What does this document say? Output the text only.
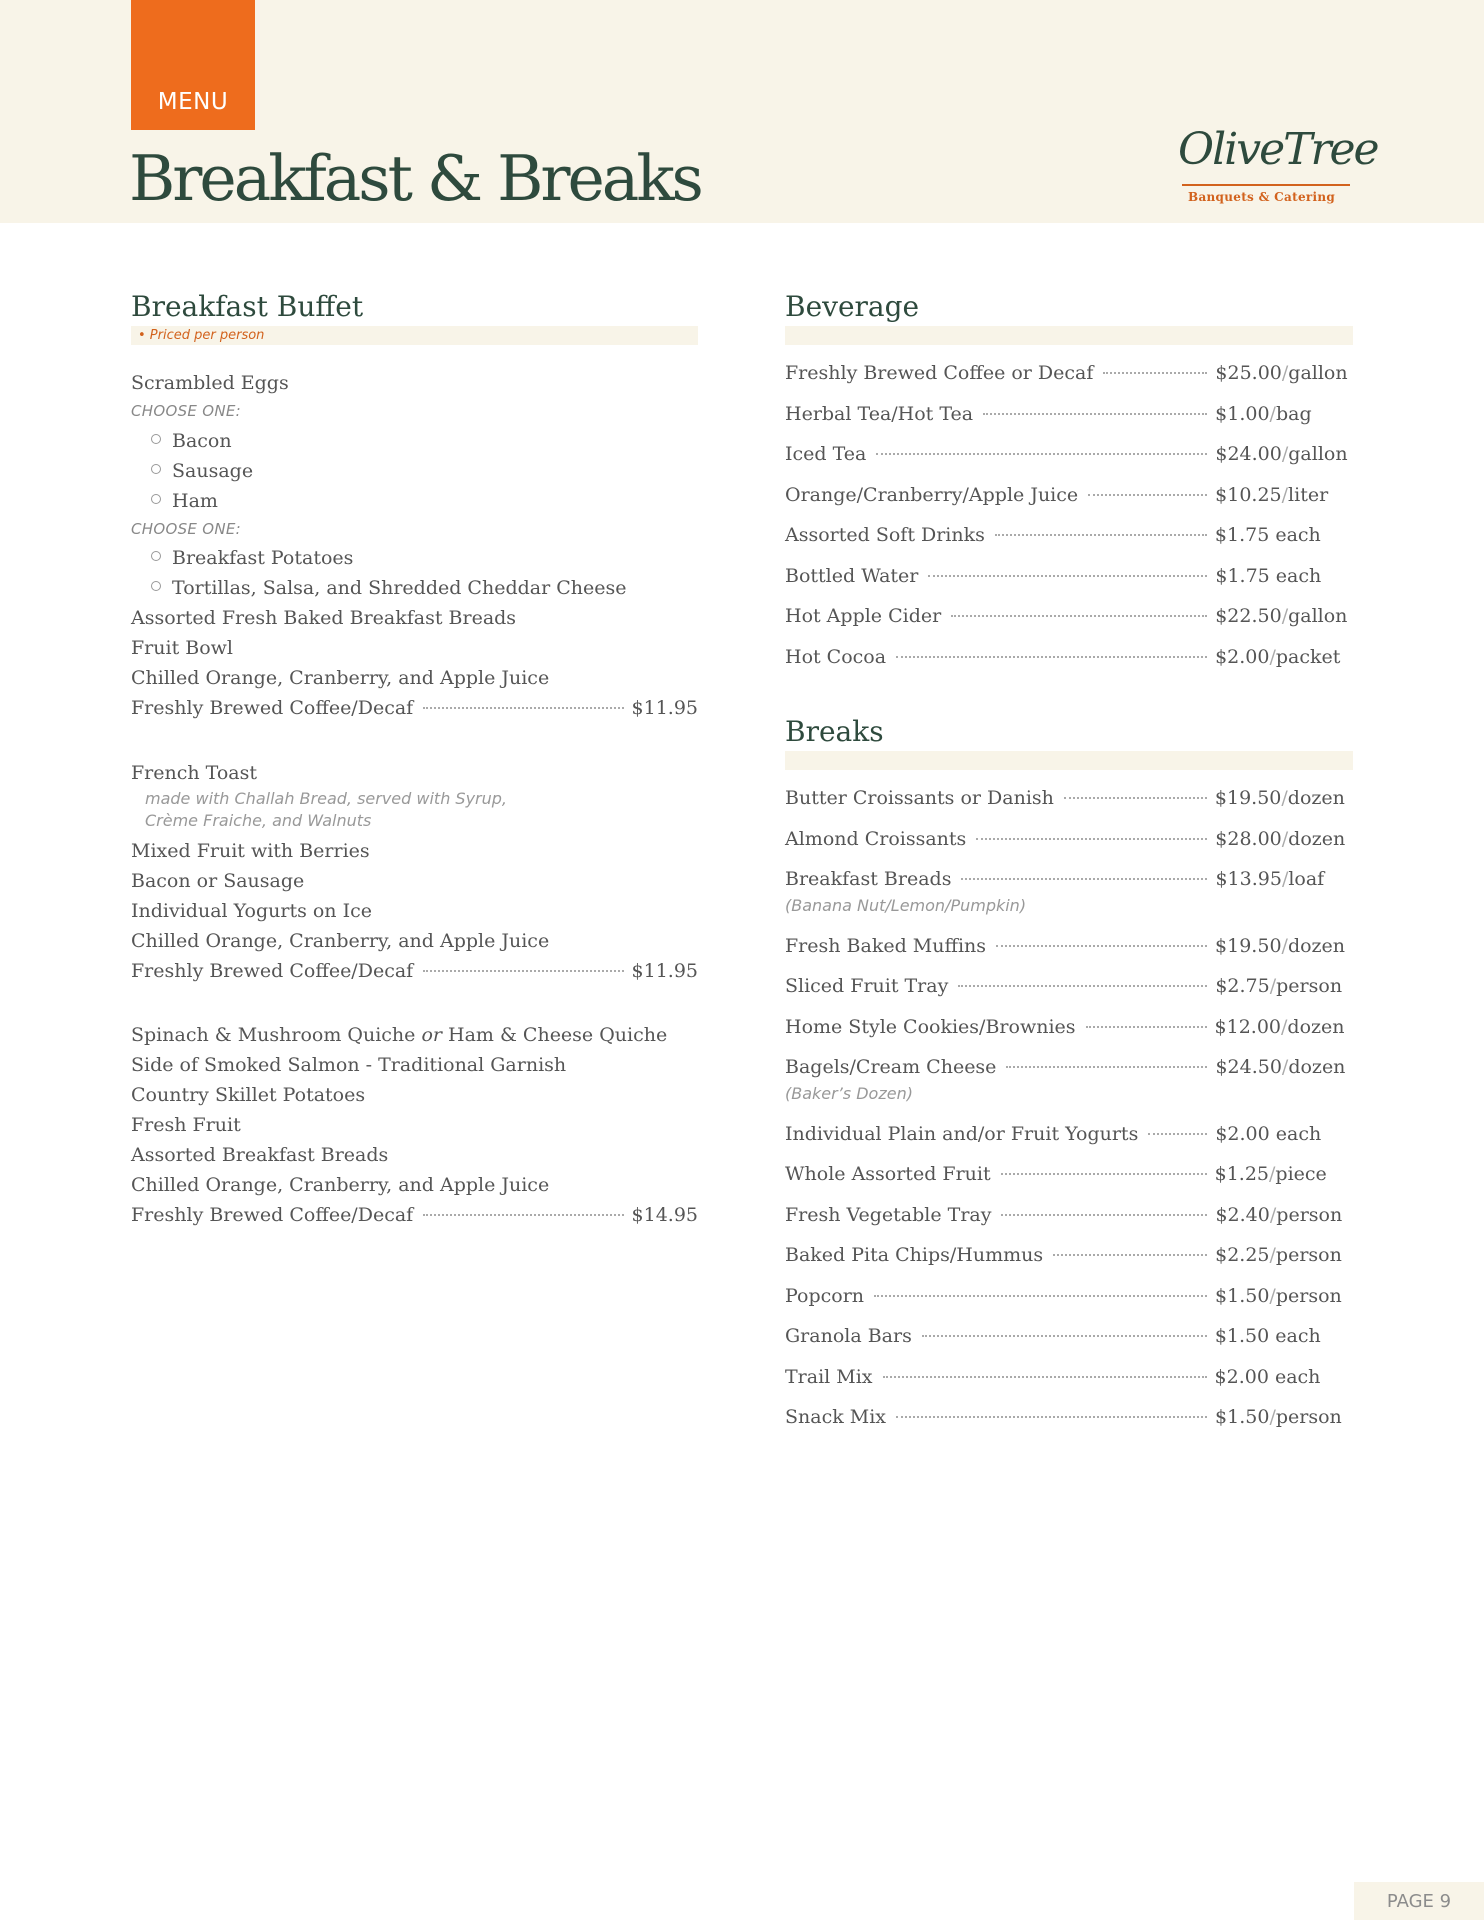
MENU
Breakfast & Breaks	OliveTree
Banquets & Catering
Breakfast Buffet
• Priced per person
Scrambled Eggs
CHOOSE ONE:
Bacon
Sausage
Ham
CHOOSE ONE:
Breakfast Potatoes
Tortillas, Salsa, and Shredded Cheddar Cheese
Assorted Fresh Baked Breakfast Breads
Fruit Bowl
Chilled Orange, Cranberry, and Apple Juice
Freshly Brewed Coffee/Decaf	$11.95
French Toast
made with Challah Bread, served with Syrup,
Crème Fraiche, and Walnuts
Mixed Fruit with Berries
Bacon or Sausage
Individual Yogurts on Ice
Chilled Orange, Cranberry, and Apple Juice
Freshly Brewed Coffee/Decaf	$11.95
Spinach & Mushroom Quiche or Ham & Cheese Quiche
Side of Smoked Salmon - Traditional Garnish
Country Skillet Potatoes
Fresh Fruit
Assorted Breakfast Breads
Chilled Orange, Cranberry, and Apple Juice
Freshly Brewed Coffee/Decaf	$14.95
Beverage
Freshly Brewed Coffee or Decaf	$25.00/gallon
Herbal Tea/Hot Tea	$1.00/bag
Iced Tea	$24.00/gallon
Orange/Cranberry/Apple Juice	$10.25/liter
Assorted Soft Drinks	$1.75 each
Bottled Water	$1.75 each
Hot Apple Cider	$22.50/gallon
Hot Cocoa	$2.00/packet
Breaks
Butter Croissants or Danish	$19.50/dozen
Almond Croissants	$28.00/dozen
Breakfast Breads	$13.95/loaf
(Banana Nut/Lemon/Pumpkin)
Fresh Baked Muffins	$19.50/dozen
Sliced Fruit Tray	$2.75/person
Home Style Cookies/Brownies	$12.00/dozen
Bagels/Cream Cheese	$24.50/dozen
(Baker’s Dozen)
Individual Plain and/or Fruit Yogurts	$2.00 each
Whole Assorted Fruit	$1.25/piece
Fresh Vegetable Tray	$2.40/person
Baked Pita Chips/Hummus	$2.25/person
Popcorn	$1.50/person
Granola Bars	$1.50 each
Trail Mix	$2.00 each
Snack Mix	$1.50/person
PAGE 9
